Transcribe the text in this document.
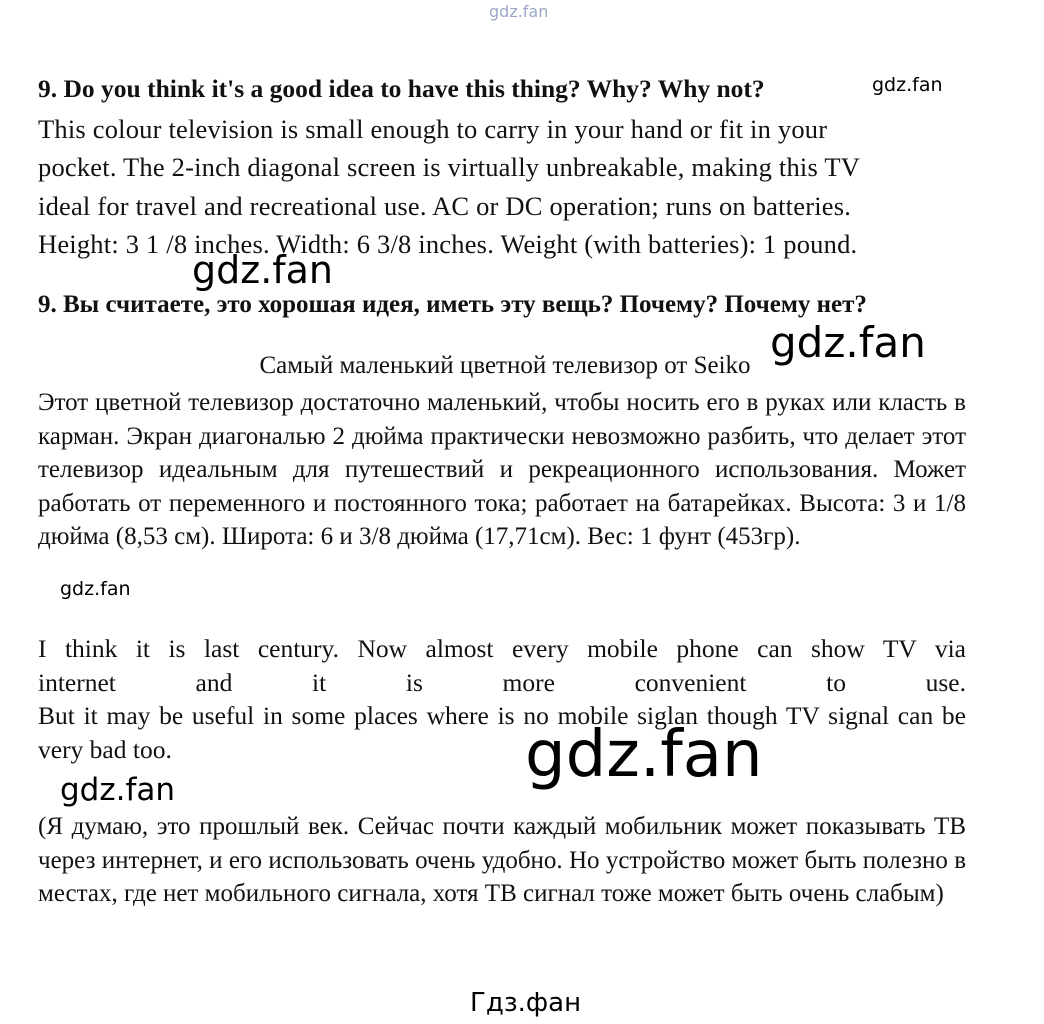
gdz.fan
9. Do you think it's a good idea to have this thing? Why? Why not?	gdz.fan
This colour television is small enough to carry in your hand or fit in your
pocket. The 2-inch diagonal screen is virtually unbreakable, making this TV
ideal for travel and recreational use. AC or DC operation; runs on batteries.
Height: 3 1 /8 inches. Width: 6 3/8 inches. Weight (with batteries): 1 pound.
gdz.fan
9. Вы считаете, это хорошая идея, иметь эту вещь? Почему? Почему нет?
gdz.fan
Самый маленький цветной телевизор от Seiko
Этот цветной телевизор достаточно маленький, чтобы носить его в руках или класть в карман. Экран диагональю 2 дюйма практически невозможно разбить, что делает этот телевизор идеальным для путешествий и рекреационного использования. Может работать от переменного и постоянного тока; работает на батарейках. Высота: 3 и 1/8 дюйма (8,53 см). Широта: 6 и 3/8 дюйма (17,71см). Вес: 1 фунт (453гр).
gdz.fan
I think it is last century. Now almost every mobile phone can show TV via
internet and it is more convenient to use.
But it may be useful in some places where is no mobile siglan though TV signal can be very bad too.	gdz.fan
gdz.fan
(Я думаю, это прошлый век. Сейчас почти каждый мобильник может показывать ТВ через интернет, и его использовать очень удобно. Но устройство может быть полезно в местах, где нет мобильного сигнала, хотя ТВ сигнал тоже может быть очень слабым)
Гдз.фан
